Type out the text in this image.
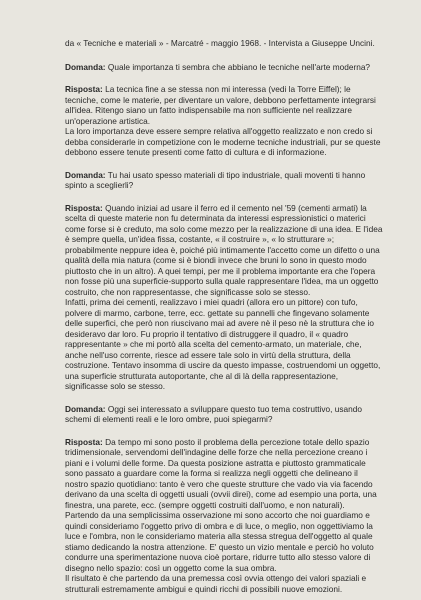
da « Tecniche e materiali » - Marcatré - maggio 1968. - Intervista a Giuseppe Uncini.

Domanda: Quale importanza ti sembra che abbiano le tecniche nell'arte moderna?

Risposta: La tecnica fine a se stessa non mi interessa (vedi la Torre Eiffel); le tecniche, come le materie, per diventare un valore, debbono perfettamente integrarsi all'idea. Ritengo siano un fatto indispensabile ma non sufficiente nel realizzare un'operazione artistica.
La loro importanza deve essere sempre relativa all'oggetto realizzato e non credo si debba considerarle in competizione con le moderne tecniche industriali, pur se queste debbono essere tenute presenti come fatto di cultura e di informazione.

Domanda: Tu hai usato spesso materiali di tipo industriale, quali moventi ti hanno spinto a sceglierli?

Risposta: Quando iniziai ad usare il ferro ed il cemento nel '59 (cementi armati) la scelta di queste materie non fu determinata da interessi espressionistici o materici come forse si è creduto, ma solo come mezzo per la realizzazione di una idea. E l'idea è sempre quella, un'idea fissa, costante, « il costruire », « lo strutturare »; probabilmente neppure idea è, poiché più intimamente l'accetto come un difetto o una qualità della mia natura (come si è biondi invece che bruni lo sono in questo modo piuttosto che in un altro). A quei tempi, per me il problema importante era che l'opera non fosse più una superficie-supporto sulla quale rappresentare l'idea, ma un oggetto costruito, che non rappresentasse, che significasse solo se stesso.
Infatti, prima dei cementi, realizzavo i miei quadri (allora ero un pittore) con tufo, polvere di marmo, carbone, terre, ecc. gettate su pannelli che fingevano solamente delle superfici, che però non riuscivano mai ad avere nè il peso nè la struttura che io desideravo dar loro. Fu proprio il tentativo di distruggere il quadro, il « quadro rappresentante » che mi portò alla scelta del cemento-armato, un materiale, che, anche nell'uso corrente, riesce ad essere tale solo in virtù della struttura, della costruzione. Tentavo insomma di uscire da questo impasse, costruendomi un oggetto, una superficie strutturata autoportante, che al di là della rappresentazione, significasse solo se stesso.

Domanda: Oggi sei interessato a sviluppare questo tuo tema costruttivo, usando schemi di elementi reali e le loro ombre, puoi spiegarmi?

Risposta: Da tempo mi sono posto il problema della percezione totale dello spazio tridimensionale, servendomi dell'indagine delle forze che nella percezione creano i piani e i volumi delle forme. Da questa posizione astratta e piuttosto grammaticale sono passato a guardare come la forma si realizza negli oggetti che delineano il nostro spazio quotidiano: tanto è vero che queste strutture che vado via via facendo derivano da una scelta di oggetti usuali (ovvii direi), come ad esempio una porta, una finestra, una parete, ecc. (sempre oggetti costruiti dall'uomo, e non naturali).
Partendo da una semplicissima osservazione mi sono accorto che noi guardiamo e quindi consideriamo l'oggetto privo di ombra e di luce, o meglio, non oggettiviamo la luce e l'ombra, non le consideriamo materia alla stessa stregua dell'oggetto al quale stiamo dedicando la nostra attenzione. E' questo un vizio mentale e perciò ho voluto condurre una sperimentazione nuova cioè portare, ridurre tutto allo stesso valore di disegno nello spazio: così un oggetto come la sua ombra.
Il risultato è che partendo da una premessa così ovvia ottengo dei valori spaziali e strutturali estremamente ambigui e quindi ricchi di possibili nuove emozioni.
